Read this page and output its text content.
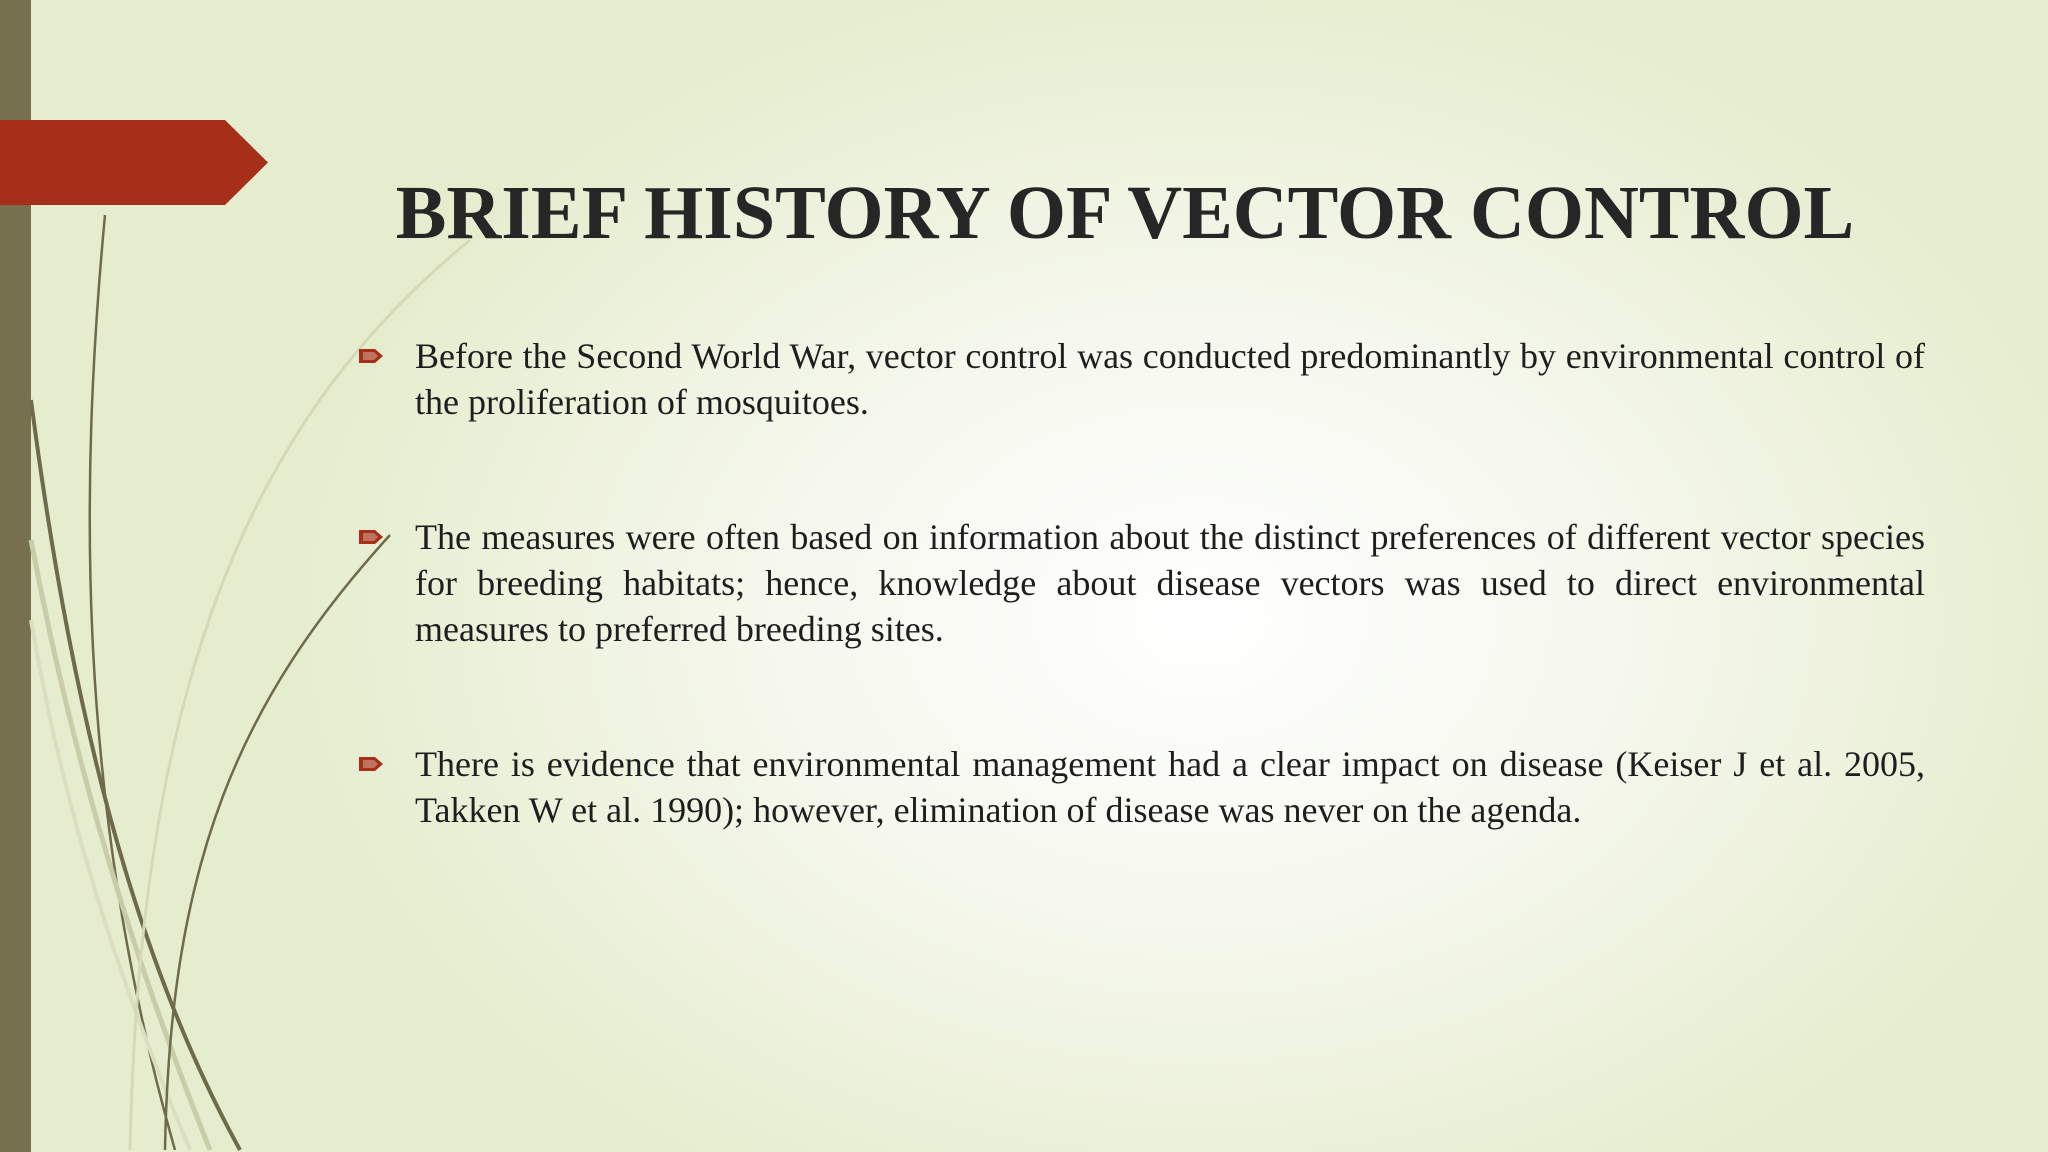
BRIEF HISTORY OF VECTOR CONTROL
Before the Second World War, vector control was conducted predominantly by environmental control of the proliferation of mosquitoes.
The measures were often based on information about the distinct preferences of different vector species for breeding habitats; hence, knowledge about disease vectors was used to direct environmental measures to preferred breeding sites.
There is evidence that environmental management had a clear impact on disease (Keiser J et al. 2005, Takken W et al. 1990); however, elimination of disease was never on the agenda.
